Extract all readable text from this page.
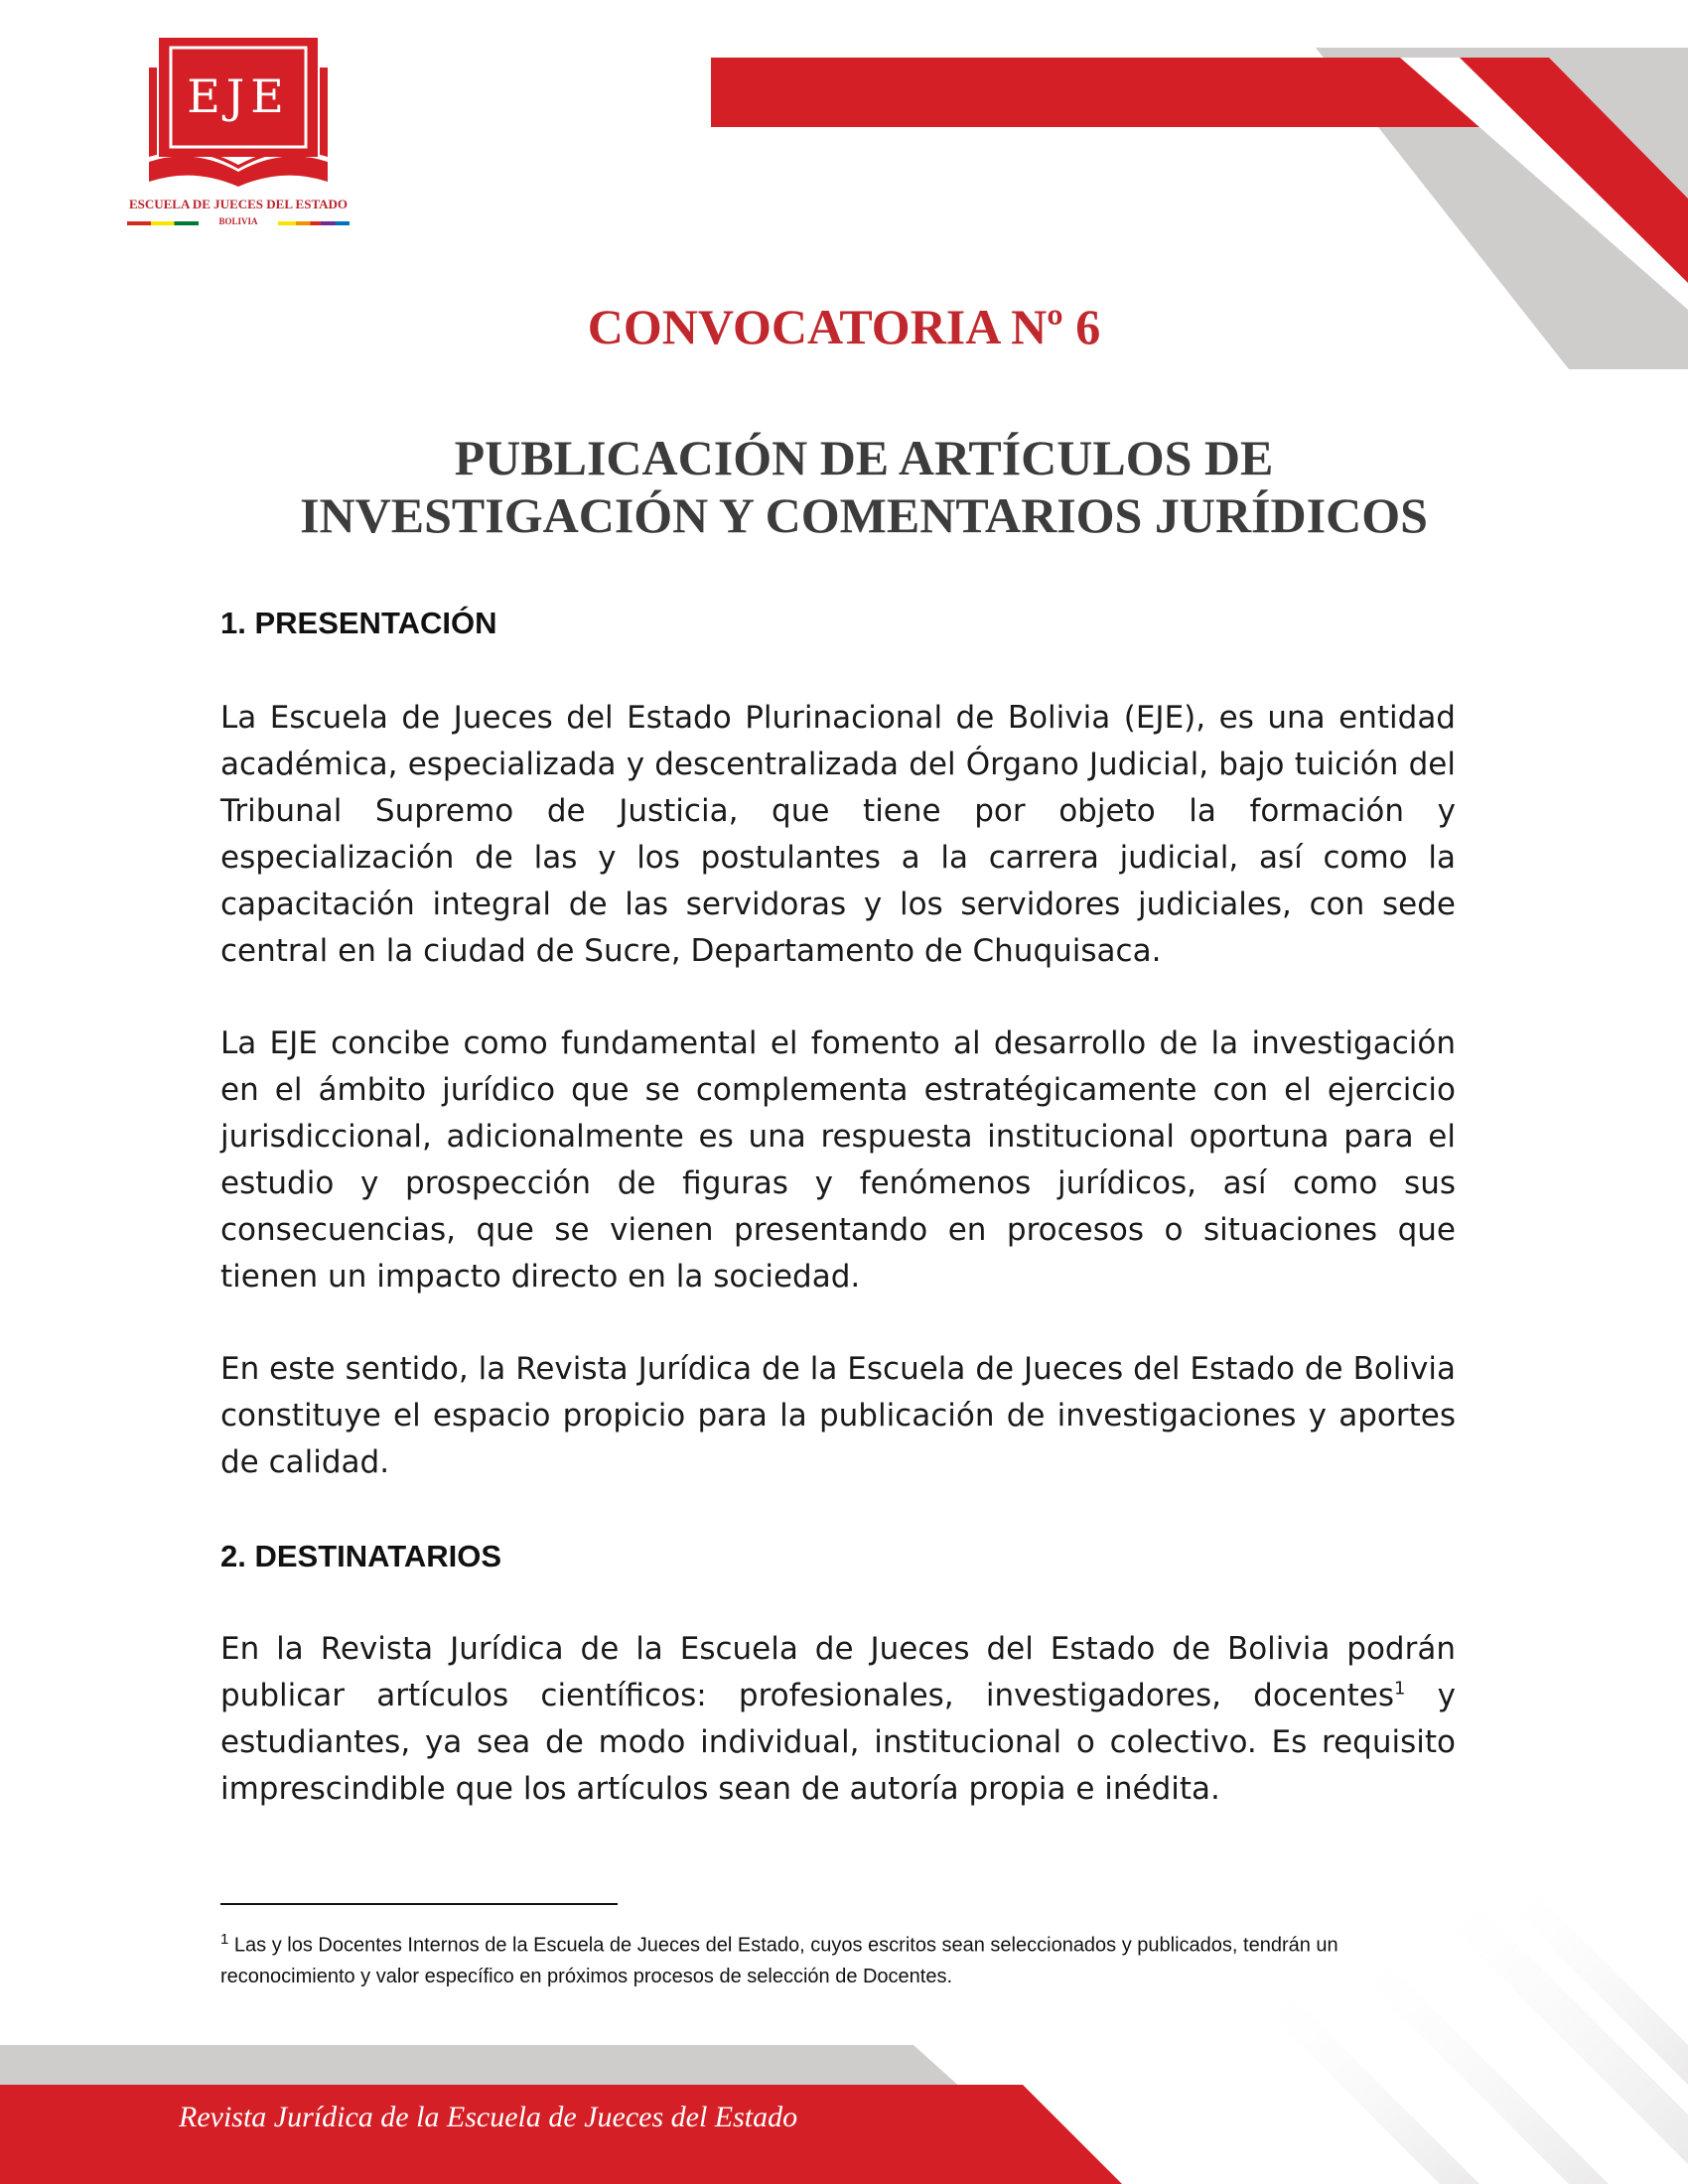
EJE
ESCUELA DE JUECES DEL ESTADO
BOLIVIA
CONVOCATORIA Nº 6
PUBLICACIÓN DE ARTÍCULOS DE
INVESTIGACIÓN Y COMENTARIOS JURÍDICOS
1. PRESENTACIÓN

La Escuela de Jueces del Estado Plurinacional de Bolivia (EJE), es una entidad académica, especializada y descentralizada del Órgano Judicial, bajo tuición del Tribunal Supremo de Justicia, que tiene por objeto la formación y especialización de las y los postulantes a la carrera judicial, así como la capacitación integral de las servidoras y los servidores judiciales, con sede central en la ciudad de Sucre, Departamento de Chuquisaca.

La EJE concibe como fundamental el fomento al desarrollo de la investigación en el ámbito jurídico que se complementa estratégicamente con el ejercicio jurisdiccional, adicionalmente es una respuesta institucional oportuna para el estudio y prospección de figuras y fenómenos jurídicos, así como sus consecuencias, que se vienen presentando en procesos o situaciones que tienen un impacto directo en la sociedad.

En este sentido, la Revista Jurídica de la Escuela de Jueces del Estado de Bolivia constituye el espacio propicio para la publicación de investigaciones y aportes de calidad.

2. DESTINATARIOS

En la Revista Jurídica de la Escuela de Jueces del Estado de Bolivia podrán publicar artículos científicos: profesionales, investigadores, docentes$^1$ y estudiantes, ya sea de modo individual, institucional o colectivo. Es requisito imprescindible que los artículos sean de autoría propia e inédita.

$^1$ Las y los Docentes Internos de la Escuela de Jueces del Estado, cuyos escritos sean seleccionados y publicados, tendrán un reconocimiento y valor específico en próximos procesos de selección de Docentes.

Revista Jurídica de la Escuela de Jueces del Estado
